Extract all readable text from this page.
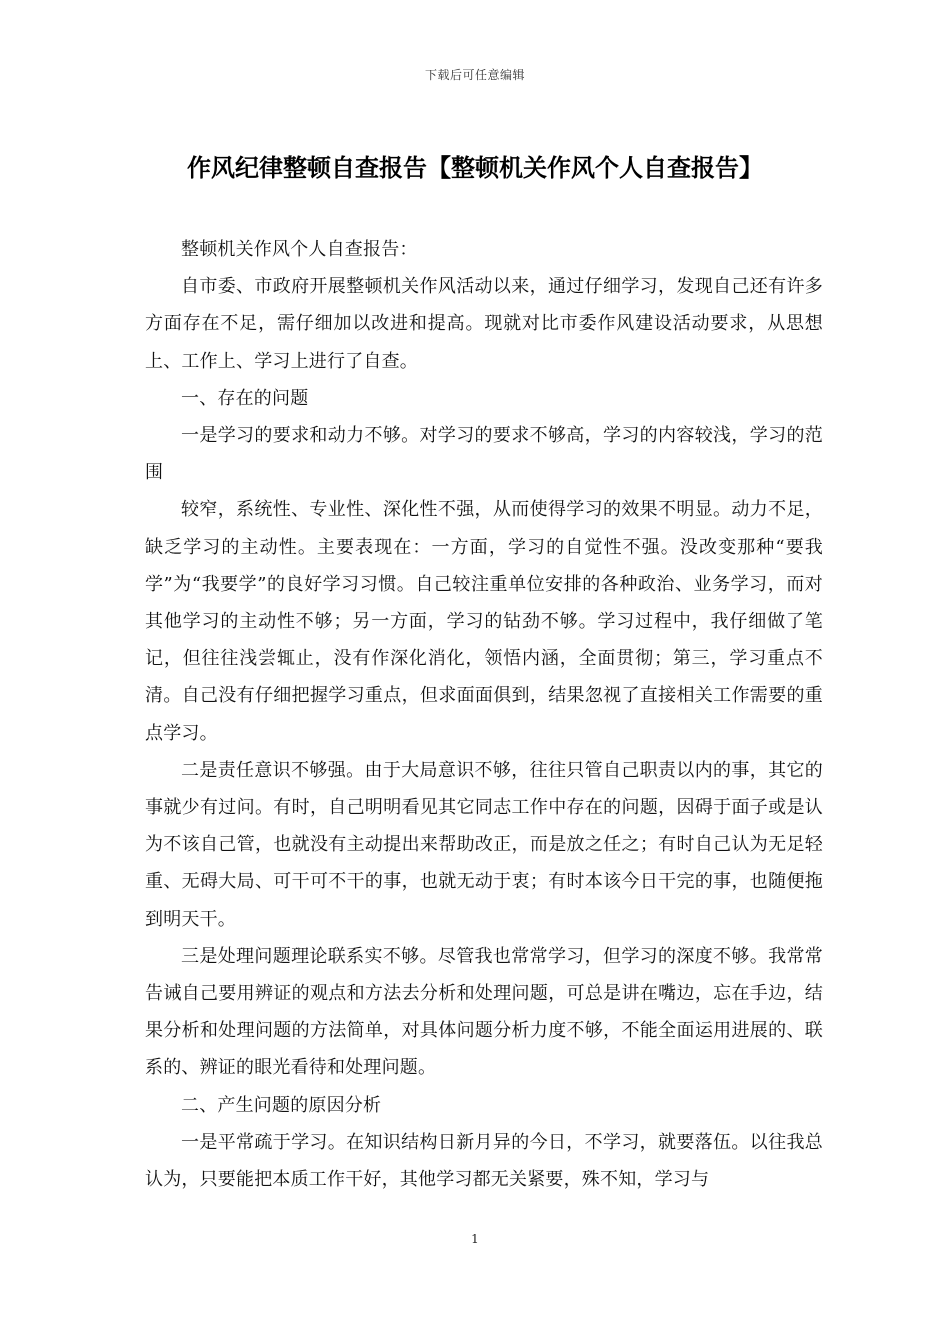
下载后可任意编辑
作风纪律整顿自查报告【整顿机关作风个人自查报告】

整顿机关作风个人自查报告：

自市委、市政府开展整顿机关作风活动以来，通过仔细学习，发现自己还有许多方面存在不足，需仔细加以改进和提高。现就对比市委作风建设活动要求，从思想上、工作上、学习上进行了自查。

一、存在的问题

一是学习的要求和动力不够。对学习的要求不够高，学习的内容较浅，学习的范围

较窄，系统性、专业性、深化性不强，从而使得学习的效果不明显。动力不足，缺乏学习的主动性。主要表现在：一方面，学习的自觉性不强。没改变那种“要我学”为“我要学”的良好学习习惯。自己较注重单位安排的各种政治、业务学习，而对其他学习的主动性不够；另一方面，学习的钻劲不够。学习过程中，我仔细做了笔记，但往往浅尝辄止，没有作深化消化，领悟内涵，全面贯彻；第三，学习重点不清。自己没有仔细把握学习重点，但求面面俱到，结果忽视了直接相关工作需要的重点学习。

二是责任意识不够强。由于大局意识不够，往往只管自己职责以内的事，其它的事就少有过问。有时，自己明明看见其它同志工作中存在的问题，因碍于面子或是认为不该自己管，也就没有主动提出来帮助改正，而是放之任之；有时自己认为无足轻重、无碍大局、可干可不干的事，也就无动于衷；有时本该今日干完的事，也随便拖到明天干。

三是处理问题理论联系实不够。尽管我也常常学习，但学习的深度不够。我常常告诫自己要用辨证的观点和方法去分析和处理问题，可总是讲在嘴边，忘在手边，结果分析和处理问题的方法简单，对具体问题分析力度不够，不能全面运用进展的、联系的、辨证的眼光看待和处理问题。

二、产生问题的原因分析

一是平常疏于学习。在知识结构日新月异的今日，不学习，就要落伍。以往我总认为，只要能把本质工作干好，其他学习都无关紧要，殊不知，学习与

1
